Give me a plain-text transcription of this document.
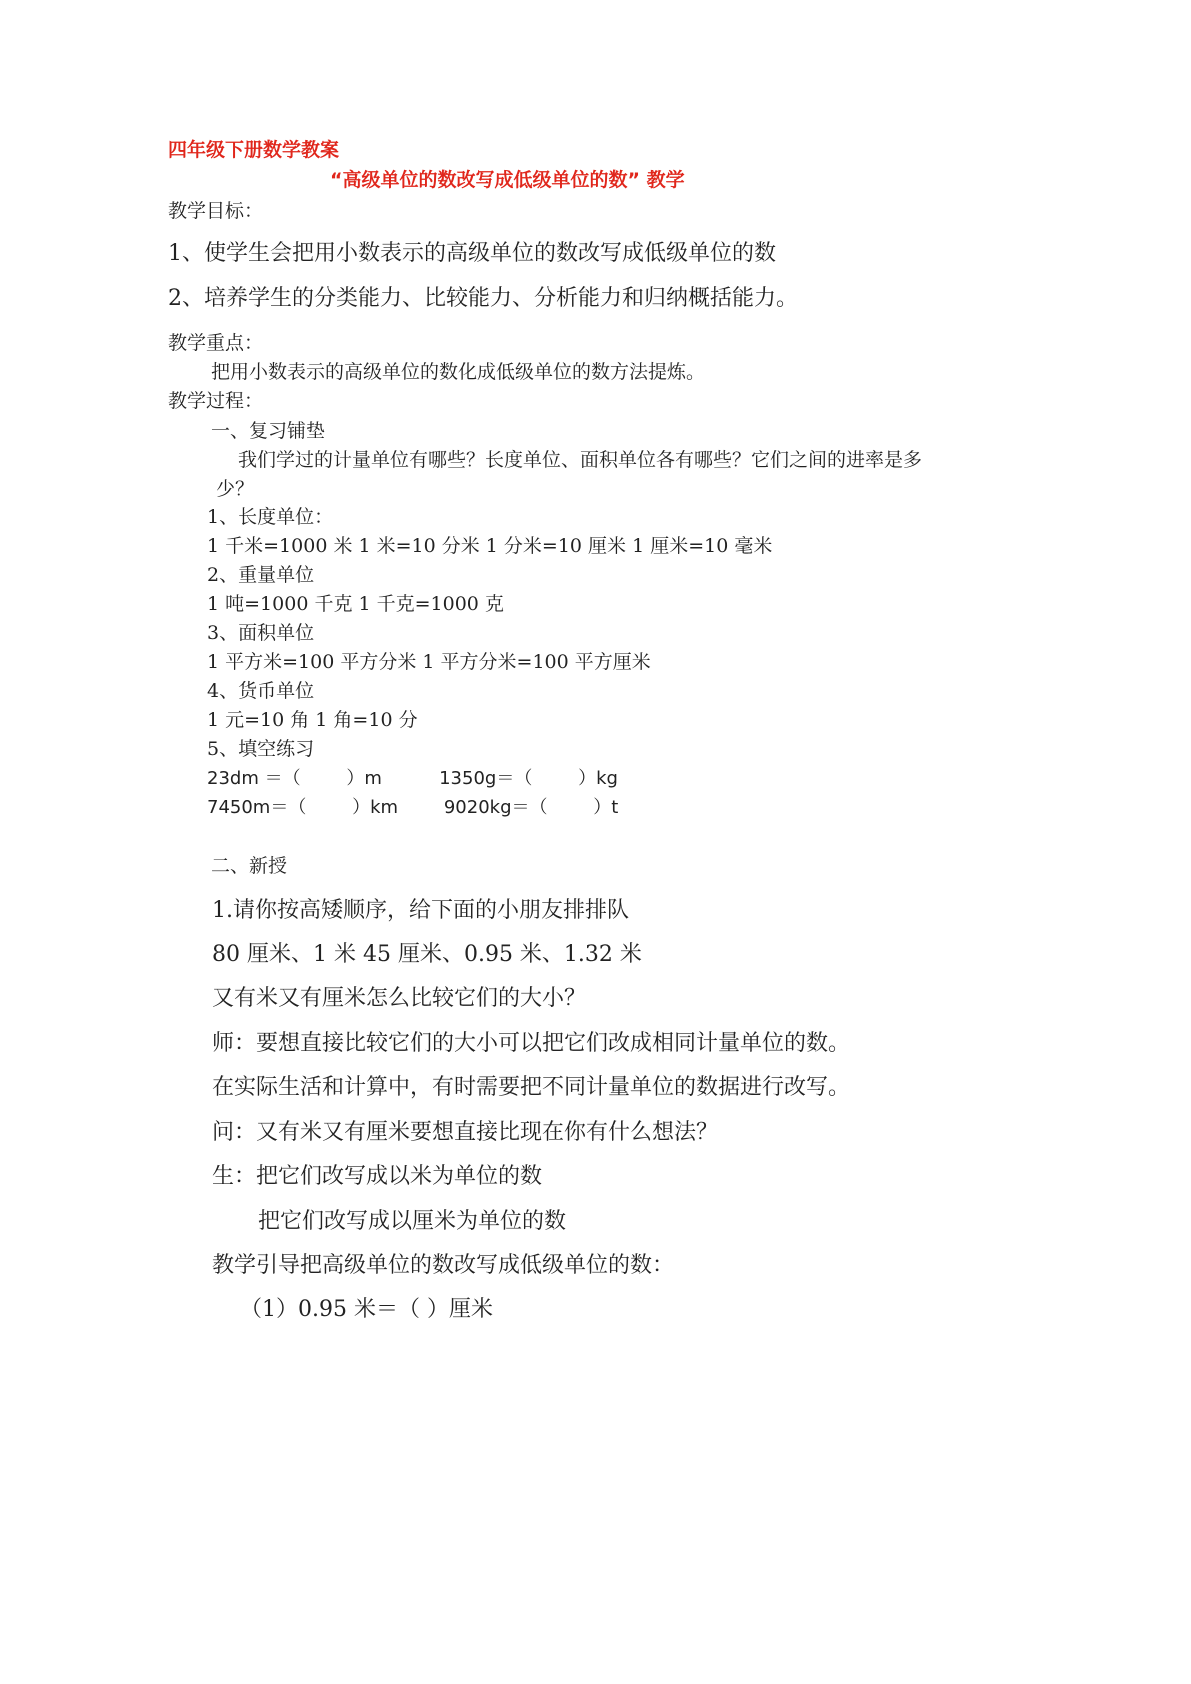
四年级下册数学教案
“高级单位的数改写成低级单位的数” 教学
教学目标：
1、使学生会把用小数表示的高级单位的数改写成低级单位的数
2、培养学生的分类能力、比较能力、分析能力和归纳概括能力。
教学重点：
把用小数表示的高级单位的数化成低级单位的数方法提炼。
教学过程：
一、复习铺垫
我们学过的计量单位有哪些？长度单位、面积单位各有哪些？它们之间的进率是多
少？
1、长度单位：
1 千米=1000 米 1 米=10 分米 1 分米=10 厘米 1 厘米=10 毫米
2、重量单位
1 吨=1000 千克 1 千克=1000 克
3、面积单位
1 平方米=100 平方分米 1 平方分米=100 平方厘米
4、货币单位
1 元=10 角 1 角=10 分
5、填空练习
23dm ＝（        ）m          1350g＝（        ）kg
7450m＝（        ）km        9020kg＝（        ）t
二、新授
1.请你按高矮顺序，给下面的小朋友排排队
80 厘米、1 米 45 厘米、0.95 米、1.32 米
又有米又有厘米怎么比较它们的大小？
师：要想直接比较它们的大小可以把它们改成相同计量单位的数。
在实际生活和计算中，有时需要把不同计量单位的数据进行改写。
问：又有米又有厘米要想直接比现在你有什么想法？
生：把它们改写成以米为单位的数
把它们改写成以厘米为单位的数
教学引导把高级单位的数改写成低级单位的数：
（1）0.95 米＝（ ）厘米
